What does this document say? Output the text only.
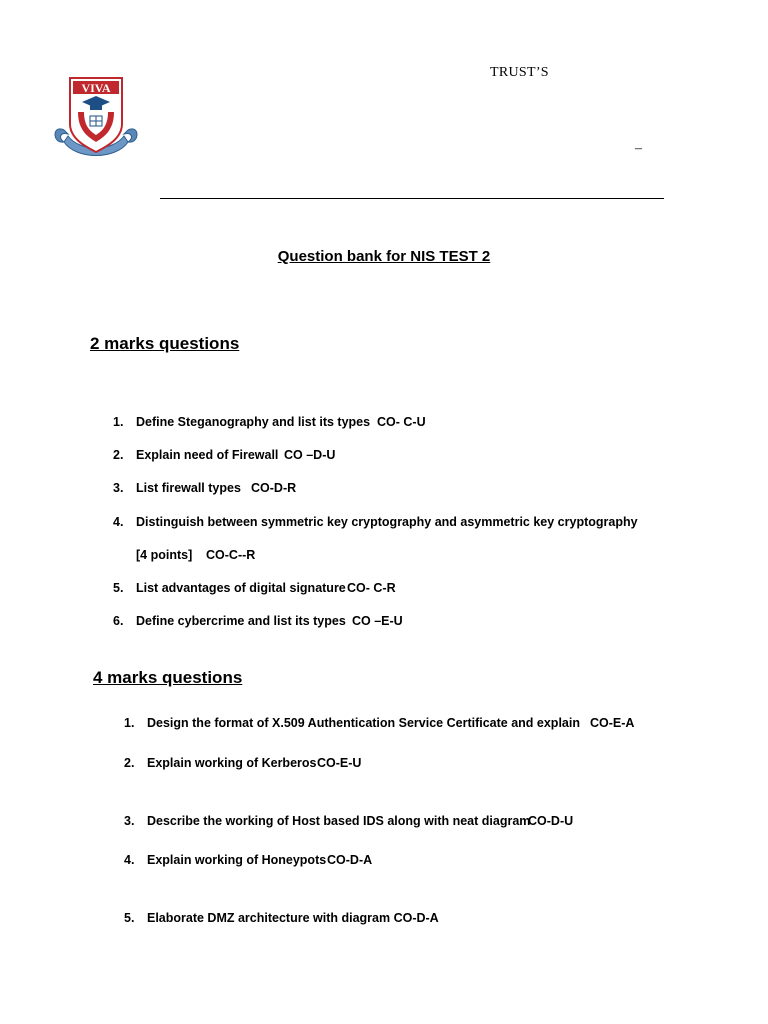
VIVA
TRUST’S
–
Question bank for NIS TEST 2
2 marks questions
1. Define Steganography and list its types CO- C-U
2. Explain need of Firewall CO –D-U
3. List firewall types CO-D-R
4. Distinguish between symmetric key cryptography and asymmetric key cryptography
[4 points] CO-C--R
5. List advantages of digital signature CO- C-R
6. Define cybercrime and list its types CO –E-U
4 marks questions
1. Design the format of X.509 Authentication Service Certificate and explain CO-E-A
2. Explain working of Kerberos CO-E-U
3. Describe the working of Host based IDS along with neat diagram
CO-D-U
4. Explain working of Honeypots CO-D-A
5. Elaborate DMZ architecture with diagram CO-D-A
